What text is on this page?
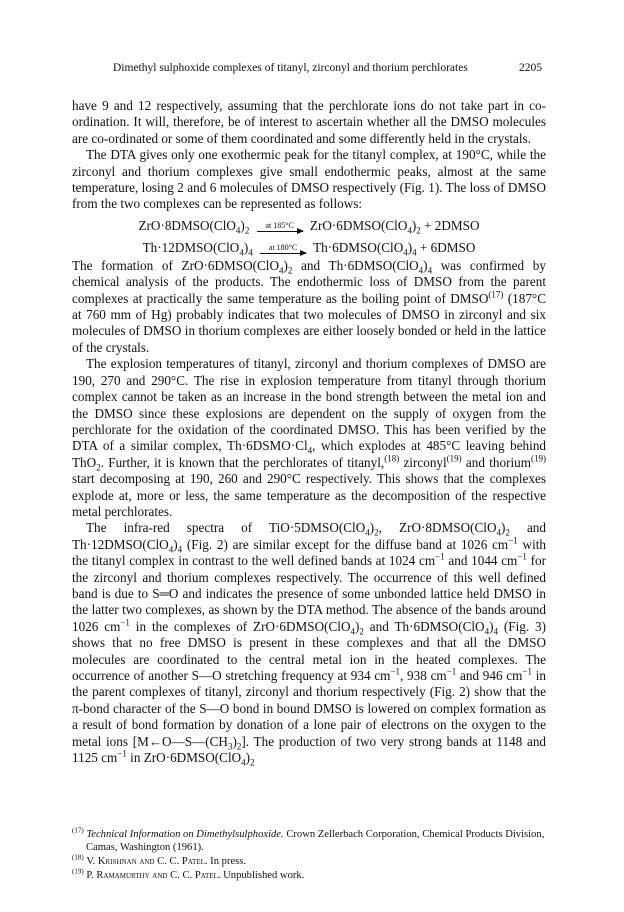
Dimethyl sulphoxide complexes of titanyl, zirconyl and thorium perchlorates	2205

have 9 and 12 respectively, assuming that the perchlorate ions do not take part in co-ordination. It will, therefore, be of interest to ascertain whether all the DMSO molecules are co-ordinated or some of them coordinated and some differently held in the crystals.

The DTA gives only one exothermic peak for the titanyl complex, at 190°C, while the zirconyl and thorium complexes give small endothermic peaks, almost at the same temperature, losing 2 and 6 molecules of DMSO respectively (Fig. 1). The loss of DMSO from the two complexes can be represented as follows:

$ZrO\cdot 8DMSO(ClO_4)_2$
at 185°C	$ZrO\cdot 6DMSO(ClO_4)_2$ + 2DMSO
$Th\cdot 12DMSO(ClO_4)_4$
at 180°C	$Th\cdot 6DMSO(ClO_4)_4$ + 6DMSO

The formation of $ZrO\cdot 6DMSO(ClO_4)_2$ and $Th\cdot 6DMSO(ClO_4)_4$ was confirmed by chemical analysis of the products. The endothermic loss of DMSO from the parent complexes at practically the same temperature as the boiling point of DMSO$^{(17)}$ (187°C at 760 mm of Hg) probably indicates that two molecules of DMSO in zirconyl and six molecules of DMSO in thorium complexes are either loosely bonded or held in the lattice of the crystals.

The explosion temperatures of titanyl, zirconyl and thorium complexes of DMSO are 190, 270 and 290°C. The rise in explosion temperature from titanyl through thorium complex cannot be taken as an increase in the bond strength between the metal ion and the DMSO since these explosions are dependent on the supply of oxygen from the perchlorate for the oxidation of the coordinated DMSO. This has been verified by the DTA of a similar complex, $Th\cdot 6DSMO\cdot Cl_4$, which explodes at 485°C leaving behind ThO$_2$. Further, it is known that the perchlorates of titanyl,$^{(18)}$ zirconyl$^{(19)}$ and thorium$^{(19)}$ start decomposing at 190, 260 and 290°C respectively. This shows that the complexes explode at, more or less, the same temperature as the decomposition of the respective metal perchlorates.

The infra-red spectra of $TiO\cdot 5DMSO(ClO_4)_2$, $ZrO\cdot 8DMSO(ClO_4)_2$ and $Th\cdot 12DMSO(ClO_4)_4$ (Fig. 2) are similar except for the diffuse band at 1026 $cm^{-1}$ with the titanyl complex in contrast to the well defined bands at 1024 $cm^{-1}$ and 1044 $cm^{-1}$ for the zirconyl and thorium complexes respectively. The occurrence of this well defined band is due to S═O and indicates the presence of some unbonded lattice held DMSO in the latter two complexes, as shown by the DTA method. The absence of the bands around 1026 $cm^{-1}$ in the complexes of $ZrO\cdot 6DMSO(ClO_4)_2$ and $Th\cdot 6DMSO(ClO_4)_4$ (Fig. 3) shows that no free DMSO is present in these complexes and that all the DMSO molecules are coordinated to the central metal ion in the heated complexes. The occurrence of another S—O stretching frequency at 934 $cm^{-1}$, 938 $cm^{-1}$ and 946 $cm^{-1}$ in the parent complexes of titanyl, zirconyl and thorium respectively (Fig. 2) show that the π-bond character of the S—O bond in bound DMSO is lowered on complex formation as a result of bond formation by donation of a lone pair of electrons on the oxygen to the metal ions $[M\leftarrow O—S—(CH_3)_2]$. The production of two very strong bands at 1148 and 1125 $cm^{-1}$ in $ZrO\cdot 6DMSO(ClO_4)_2$

$^{(17)}$ Technical Information on Dimethylsulphoxide. Crown Zellerbach Corporation, Chemical Products Division, Camas, Washington (1961).
$^{(18)}$ V. Krishnan and C. C. Patel. In press.
$^{(19)}$ P. Ramamurthy and C. C. Patel. Unpublished work.
